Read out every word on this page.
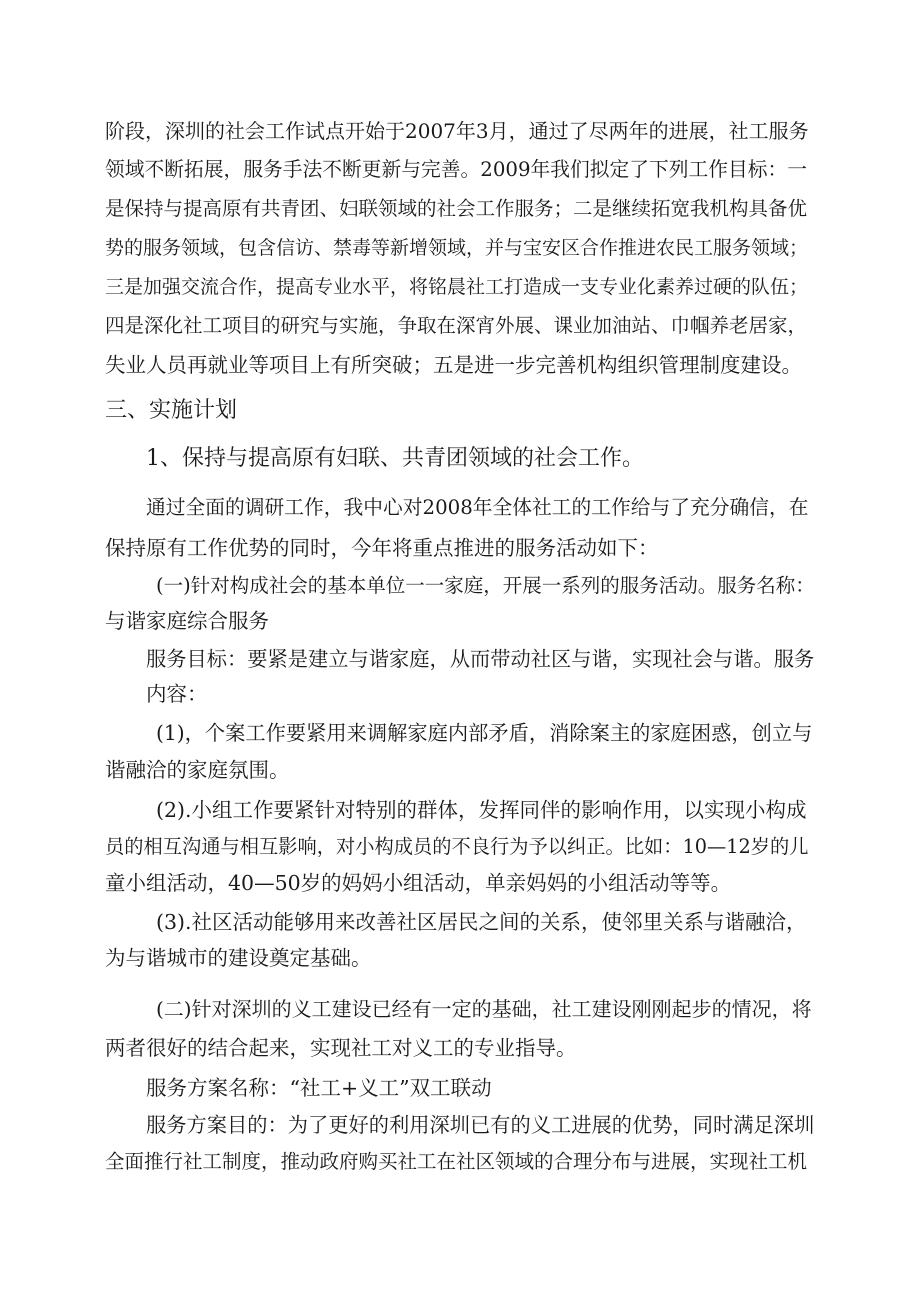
阶段，深圳的社会工作试点开始于2007年3月，通过了尽两年的进展，社工服务
领域不断拓展，服务手法不断更新与完善。2009年我们拟定了下列工作目标：一
是保持与提高原有共青团、妇联领域的社会工作服务；二是继续拓宽我机构具备优
势的服务领域，包含信访、禁毒等新增领域，并与宝安区合作推进农民工服务领域；
三是加强交流合作，提高专业水平，将铭晨社工打造成一支专业化素养过硬的队伍；
四是深化社工项目的研究与实施，争取在深宵外展、课业加油站、巾帼养老居家，
失业人员再就业等项目上有所突破；五是进一步完善机构组织管理制度建设。
三、实施计划
1、保持与提高原有妇联、共青团领域的社会工作。
通过全面的调研工作，我中心对2008年全体社工的工作给与了充分确信，在
保持原有工作优势的同时，今年将重点推进的服务活动如下：
(一)针对构成社会的基本单位一一家庭，开展一系列的服务活动。服务名称：
与谐家庭综合服务
服务目标：要紧是建立与谐家庭，从而带动社区与谐，实现社会与谐。服务
内容：
(1)，个案工作要紧用来调解家庭内部矛盾，消除案主的家庭困惑，创立与
谐融洽的家庭氛围。
(2).小组工作要紧针对特别的群体，发挥同伴的影响作用，以实现小构成
员的相互沟通与相互影响，对小构成员的不良行为予以纠正。比如：10—12岁的儿
童小组活动，40—50岁的妈妈小组活动，单亲妈妈的小组活动等等。
(3).社区活动能够用来改善社区居民之间的关系，使邻里关系与谐融洽，
为与谐城市的建设奠定基础。
(二)针对深圳的义工建设已经有一定的基础，社工建设刚刚起步的情况，将
两者很好的结合起来，实现社工对义工的专业指导。
服务方案名称：“社工+义工”双工联动
服务方案目的：为了更好的利用深圳已有的义工进展的优势，同时满足深圳
全面推行社工制度，推动政府购买社工在社区领域的合理分布与进展，实现社工机
